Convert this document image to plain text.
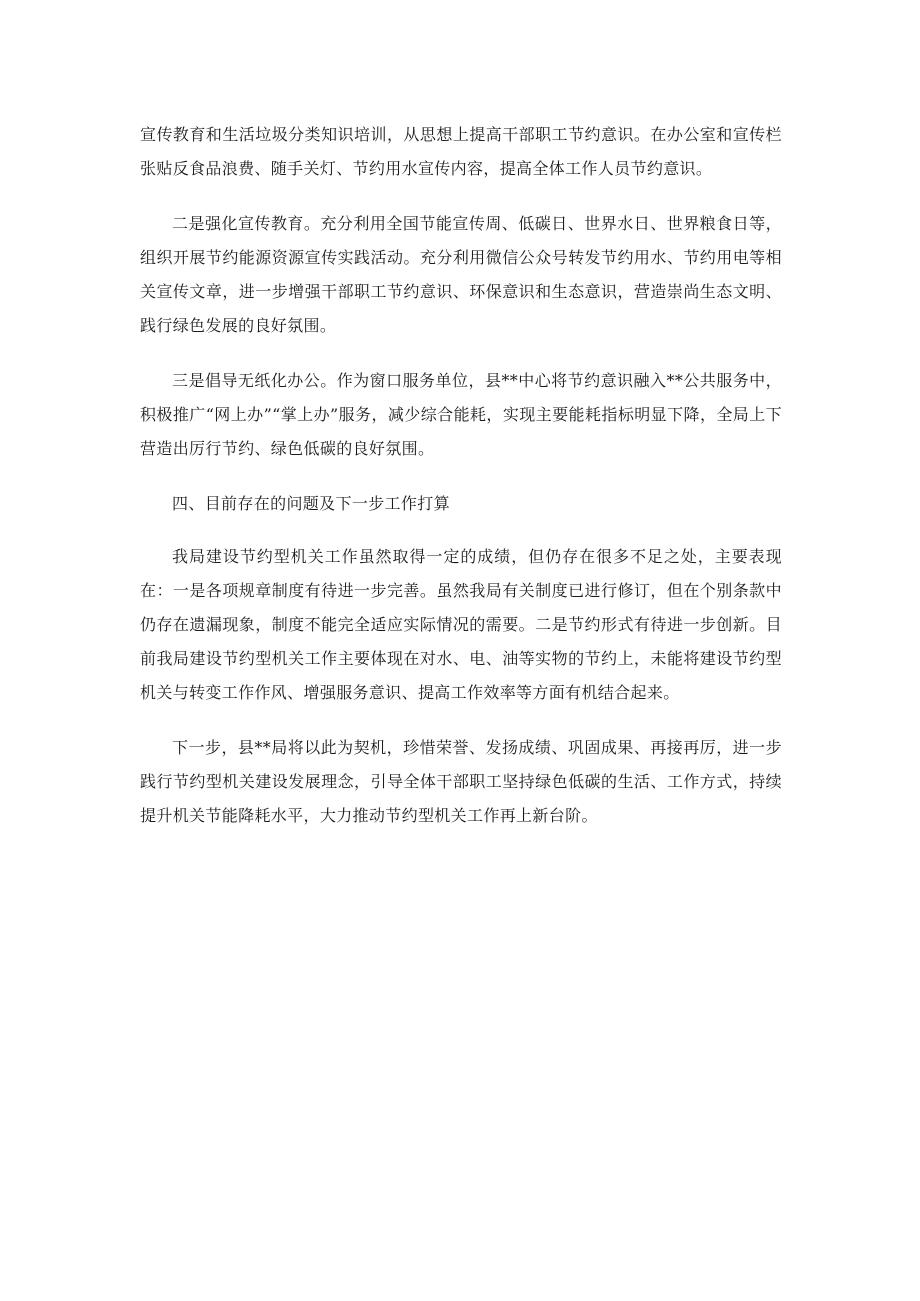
宣传教育和生活垃圾分类知识培训，从思想上提高干部职工节约意识。在办公室和宣传栏张贴反食品浪费、随手关灯、节约用水宣传内容，提高全体工作人员节约意识。

二是强化宣传教育。充分利用全国节能宣传周、低碳日、世界水日、世界粮食日等，组织开展节约能源资源宣传实践活动。充分利用微信公众号转发节约用水、节约用电等相关宣传文章，进一步增强干部职工节约意识、环保意识和生态意识，营造崇尚生态文明、践行绿色发展的良好氛围。

三是倡导无纸化办公。作为窗口服务单位，县**中心将节约意识融入**公共服务中，积极推广“网上办”“掌上办”服务，减少综合能耗，实现主要能耗指标明显下降，全局上下营造出厉行节约、绿色低碳的良好氛围。

四、目前存在的问题及下一步工作打算

我局建设节约型机关工作虽然取得一定的成绩，但仍存在很多不足之处，主要表现在：一是各项规章制度有待进一步完善。虽然我局有关制度已进行修订，但在个别条款中仍存在遗漏现象，制度不能完全适应实际情况的需要。二是节约形式有待进一步创新。目前我局建设节约型机关工作主要体现在对水、电、油等实物的节约上，未能将建设节约型机关与转变工作作风、增强服务意识、提高工作效率等方面有机结合起来。

下一步，县**局将以此为契机，珍惜荣誉、发扬成绩、巩固成果、再接再厉，进一步践行节约型机关建设发展理念，引导全体干部职工坚持绿色低碳的生活、工作方式，持续提升机关节能降耗水平，大力推动节约型机关工作再上新台阶。
